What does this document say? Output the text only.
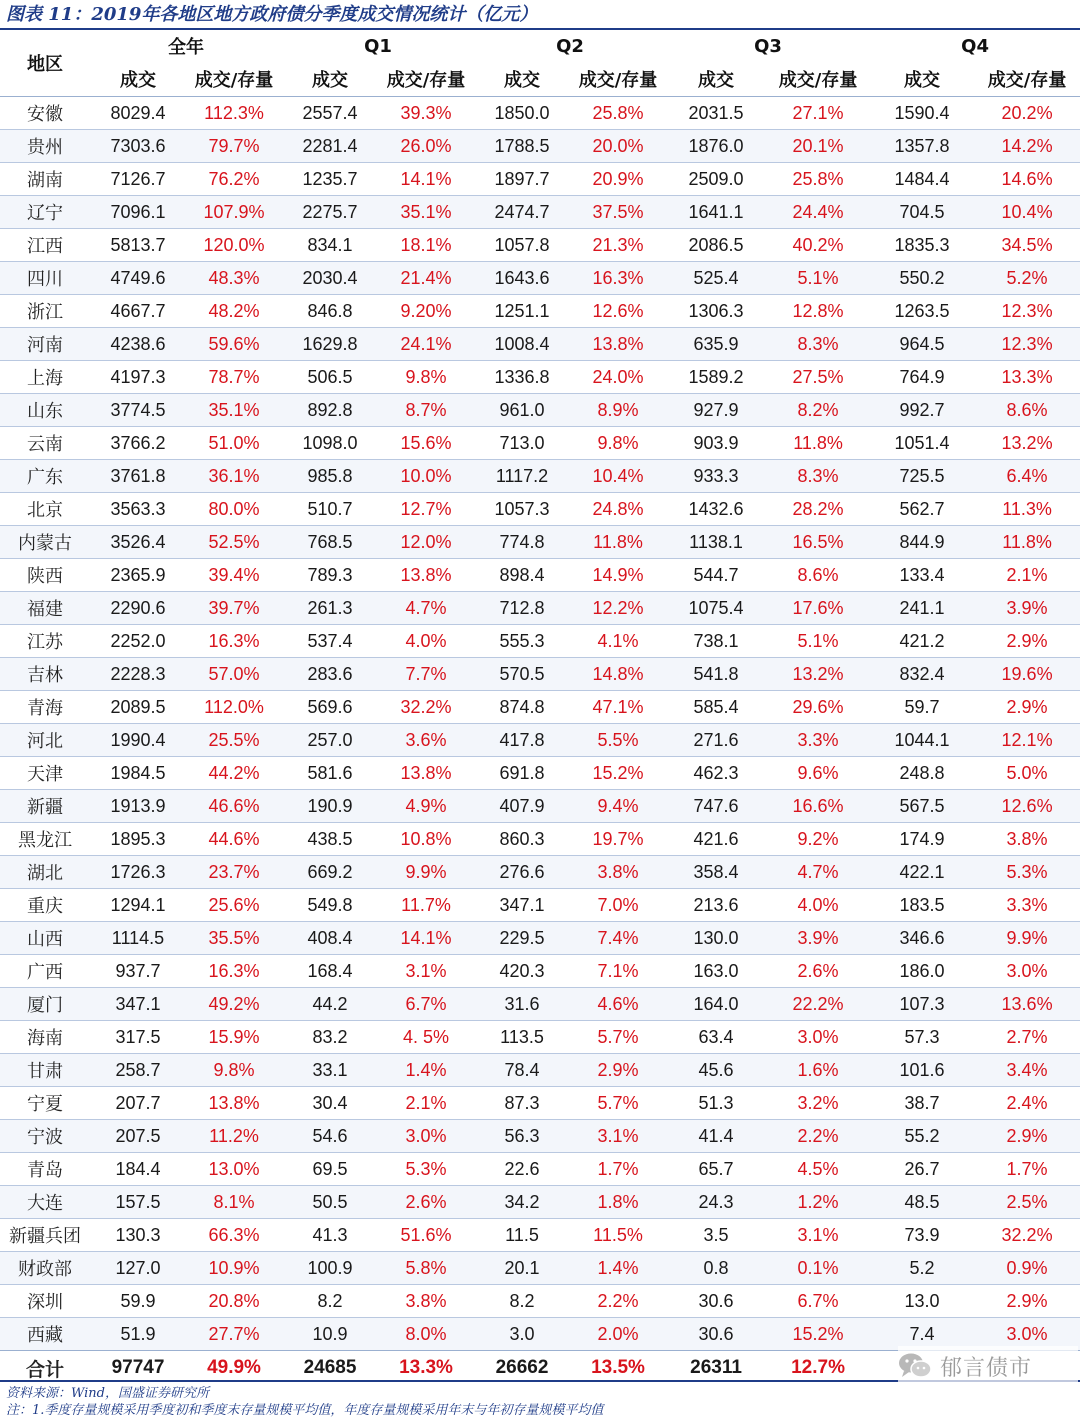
图表 11：2019年各地区地方政府债分季度成交情况统计（亿元）
地区	全年		Q1		Q2		Q3		Q4	
	成交	成交/存量	成交	成交/存量	成交	成交/存量	成交	成交/存量	成交	成交/存量
安徽	8029.4	112.3%	2557.4	39.3%	1850.0	25.8%	2031.5	27.1%	1590.4	20.2%
贵州	7303.6	79.7%	2281.4	26.0%	1788.5	20.0%	1876.0	20.1%	1357.8	14.2%
湖南	7126.7	76.2%	1235.7	14.1%	1897.7	20.9%	2509.0	25.8%	1484.4	14.6%
辽宁	7096.1	107.9%	2275.7	35.1%	2474.7	37.5%	1641.1	24.4%	704.5	10.4%
江西	5813.7	120.0%	834.1	18.1%	1057.8	21.3%	2086.5	40.2%	1835.3	34.5%
四川	4749.6	48.3%	2030.4	21.4%	1643.6	16.3%	525.4	5.1%	550.2	5.2%
浙江	4667.7	48.2%	846.8	9.20%	1251.1	12.6%	1306.3	12.8%	1263.5	12.3%
河南	4238.6	59.6%	1629.8	24.1%	1008.4	13.8%	635.9	8.3%	964.5	12.3%
上海	4197.3	78.7%	506.5	9.8%	1336.8	24.0%	1589.2	27.5%	764.9	13.3%
山东	3774.5	35.1%	892.8	8.7%	961.0	8.9%	927.9	8.2%	992.7	8.6%
云南	3766.2	51.0%	1098.0	15.6%	713.0	9.8%	903.9	11.8%	1051.4	13.2%
广东	3761.8	36.1%	985.8	10.0%	1117.2	10.4%	933.3	8.3%	725.5	6.4%
北京	3563.3	80.0%	510.7	12.7%	1057.3	24.8%	1432.6	28.2%	562.7	11.3%
内蒙古	3526.4	52.5%	768.5	12.0%	774.8	11.8%	1138.1	16.5%	844.9	11.8%
陕西	2365.9	39.4%	789.3	13.8%	898.4	14.9%	544.7	8.6%	133.4	2.1%
福建	2290.6	39.7%	261.3	4.7%	712.8	12.2%	1075.4	17.6%	241.1	3.9%
江苏	2252.0	16.3%	537.4	4.0%	555.3	4.1%	738.1	5.1%	421.2	2.9%
吉林	2228.3	57.0%	283.6	7.7%	570.5	14.8%	541.8	13.2%	832.4	19.6%
青海	2089.5	112.0%	569.6	32.2%	874.8	47.1%	585.4	29.6%	59.7	2.9%
河北	1990.4	25.5%	257.0	3.6%	417.8	5.5%	271.6	3.3%	1044.1	12.1%
天津	1984.5	44.2%	581.6	13.8%	691.8	15.2%	462.3	9.6%	248.8	5.0%
新疆	1913.9	46.6%	190.9	4.9%	407.9	9.4%	747.6	16.6%	567.5	12.6%
黑龙江	1895.3	44.6%	438.5	10.8%	860.3	19.7%	421.6	9.2%	174.9	3.8%
湖北	1726.3	23.7%	669.2	9.9%	276.6	3.8%	358.4	4.7%	422.1	5.3%
重庆	1294.1	25.6%	549.8	11.7%	347.1	7.0%	213.6	4.0%	183.5	3.3%
山西	1114.5	35.5%	408.4	14.1%	229.5	7.4%	130.0	3.9%	346.6	9.9%
广西	937.7	16.3%	168.4	3.1%	420.3	7.1%	163.0	2.6%	186.0	3.0%
厦门	347.1	49.2%	44.2	6.7%	31.6	4.6%	164.0	22.2%	107.3	13.6%
海南	317.5	15.9%	83.2	4. 5%	113.5	5.7%	63.4	3.0%	57.3	2.7%
甘肃	258.7	9.8%	33.1	1.4%	78.4	2.9%	45.6	1.6%	101.6	3.4%
宁夏	207.7	13.8%	30.4	2.1%	87.3	5.7%	51.3	3.2%	38.7	2.4%
宁波	207.5	11.2%	54.6	3.0%	56.3	3.1%	41.4	2.2%	55.2	2.9%
青岛	184.4	13.0%	69.5	5.3%	22.6	1.7%	65.7	4.5%	26.7	1.7%
大连	157.5	8.1%	50.5	2.6%	34.2	1.8%	24.3	1.2%	48.5	2.5%
新疆兵团	130.3	66.3%	41.3	51.6%	11.5	11.5%	3.5	3.1%	73.9	32.2%
财政部	127.0	10.9%	100.9	5.8%	20.1	1.4%	0.8	0.1%	5.2	0.9%
深圳	59.9	20.8%	8.2	3.8%	8.2	2.2%	30.6	6.7%	13.0	2.9%
西藏	51.9	27.7%	10.9	8.0%	3.0	2.0%	30.6	15.2%	7.4	3.0%
合计	97747	49.9%	24685	13.3%	26662	13.5%	26311	12.7%		
资料来源：Wind，国盛证券研究所
注：1.季度存量规模采用季度初和季度末存量规模平均值，年度存量规模采用年末与年初存量规模平均值
郁言债市
